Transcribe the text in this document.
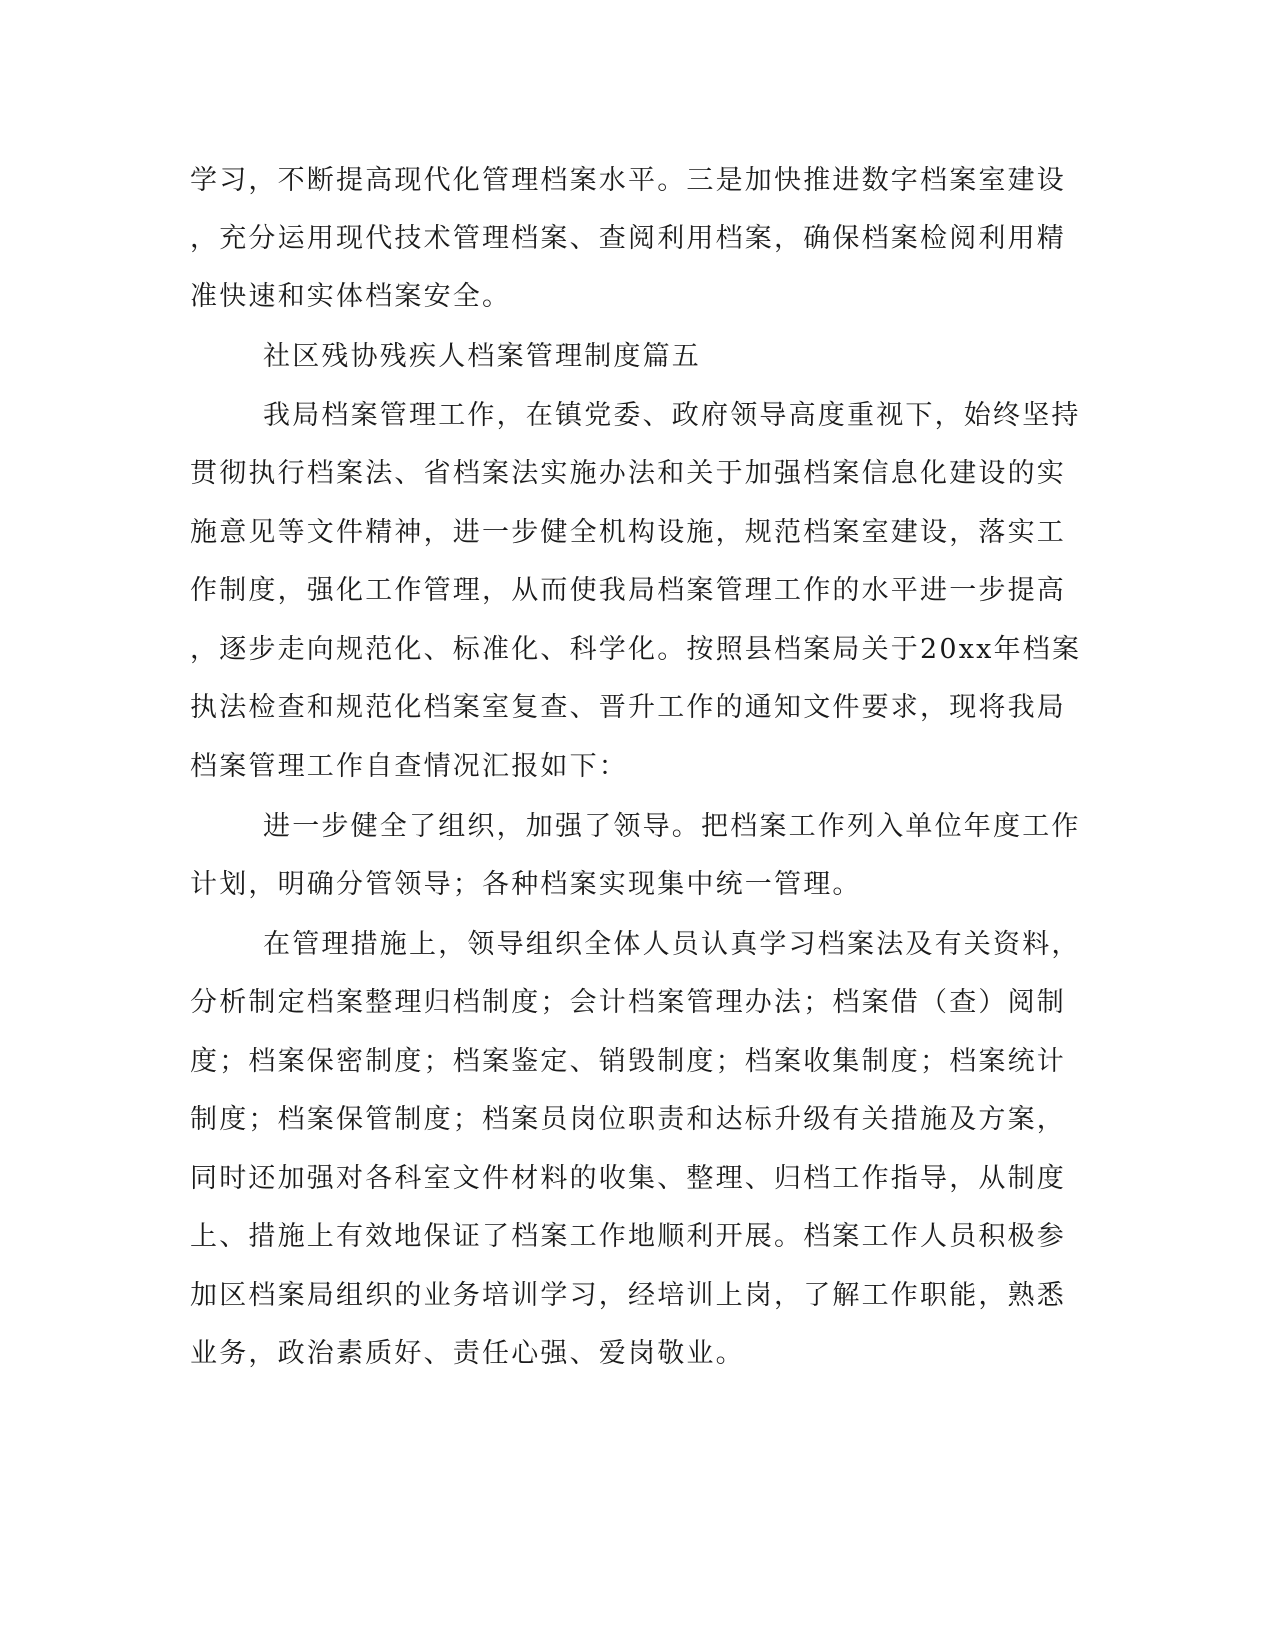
学习，不断提高现代化管理档案水平。三是加快推进数字档案室建设
，充分运用现代技术管理档案、查阅利用档案，确保档案检阅利用精
准快速和实体档案安全。
社区残协残疾人档案管理制度篇五
我局档案管理工作，在镇党委、政府领导高度重视下，始终坚持
贯彻执行档案法、省档案法实施办法和关于加强档案信息化建设的实
施意见等文件精神，进一步健全机构设施，规范档案室建设，落实工
作制度，强化工作管理，从而使我局档案管理工作的水平进一步提高
，逐步走向规范化、标准化、科学化。按照县档案局关于20xx年档案
执法检查和规范化档案室复查、晋升工作的通知文件要求，现将我局
档案管理工作自查情况汇报如下：
进一步健全了组织，加强了领导。把档案工作列入单位年度工作
计划，明确分管领导；各种档案实现集中统一管理。
在管理措施上，领导组织全体人员认真学习档案法及有关资料，
分析制定档案整理归档制度；会计档案管理办法；档案借（查）阅制
度；档案保密制度；档案鉴定、销毁制度；档案收集制度；档案统计
制度；档案保管制度；档案员岗位职责和达标升级有关措施及方案，
同时还加强对各科室文件材料的收集、整理、归档工作指导，从制度
上、措施上有效地保证了档案工作地顺利开展。档案工作人员积极参
加区档案局组织的业务培训学习，经培训上岗，了解工作职能，熟悉
业务，政治素质好、责任心强、爱岗敬业。
